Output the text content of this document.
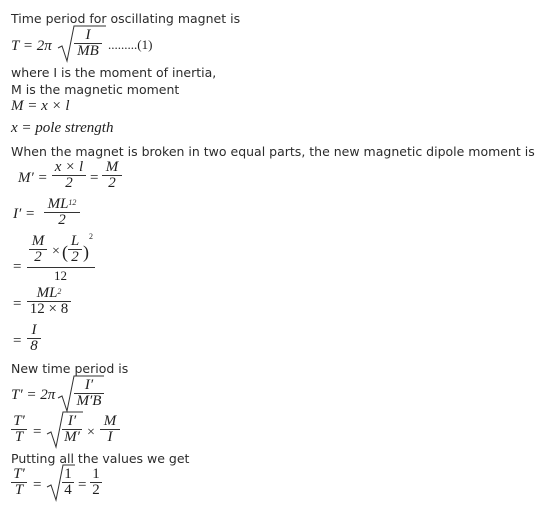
Time period for oscillating magnet is
$T = 2\pi \frac{I}{MB} .........(1)$
where I is the moment of inertia,
M is the magnetic moment
M = x × l
x = pole strength
When the magnet is broken in two equal parts, the new magnetic dipole moment is
$M' = \frac{x \times l}{2} = \frac{M}{2}$
$I' = \frac{ML^{12}}{2}$
=
$\frac{M}{2}$ × ( $\frac{L}{2}$ )
2
12
= $\frac{ML^2}{12 \times 8}$
= $\frac{I}{8}$
New time period is
$T' = 2\pi \frac{I'}{M'B}$
$\frac{T'}{T} = \frac{I'}{M'} \times \frac{M}{I}$
Putting all the values we get
$\frac{T'}{T} = \frac{1}{4} = \frac{1}{2}$
